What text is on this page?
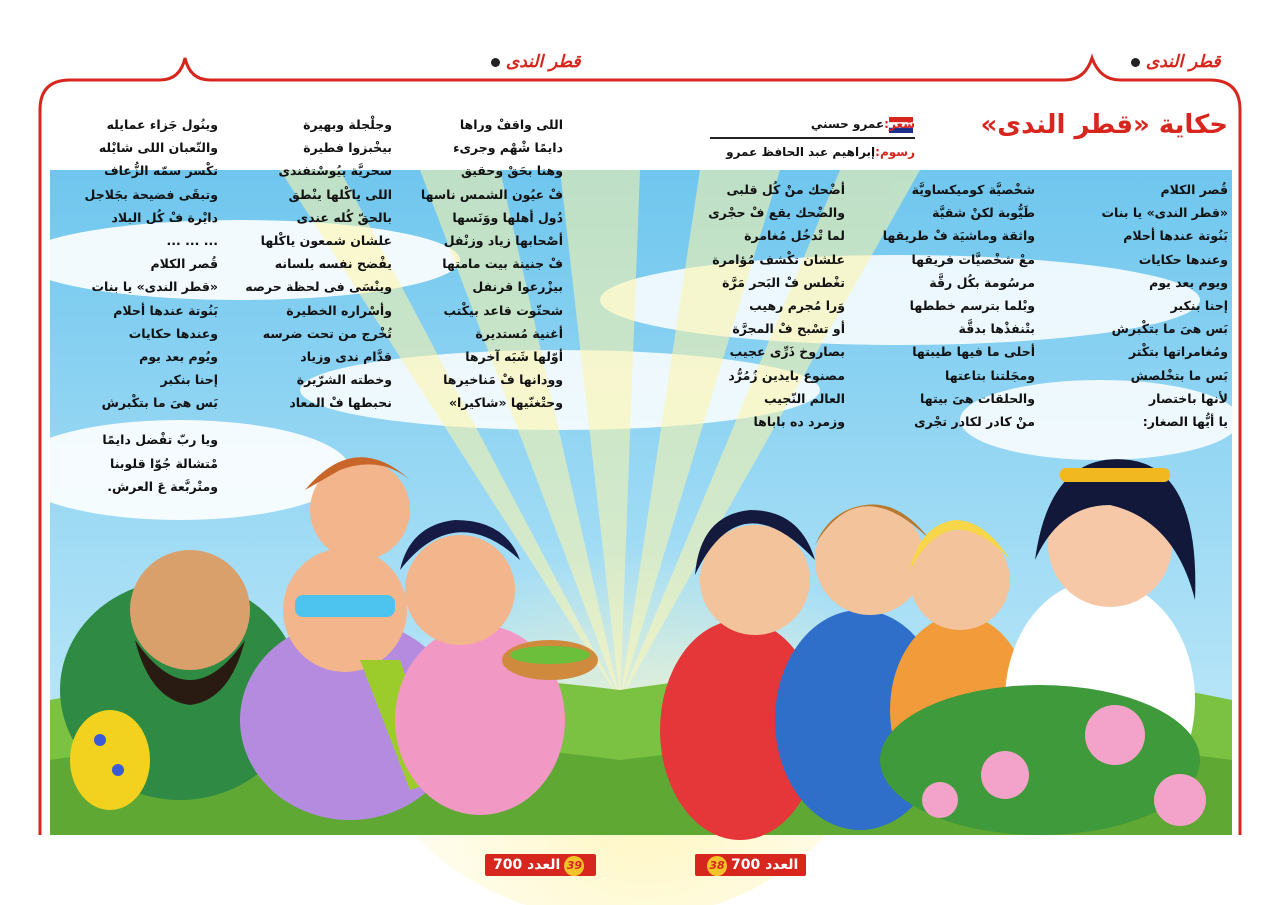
قطر الندى
قطر الندى
حكاية «قطر الندى»
شعر:عمرو حسني
رسوم:إبراهيم عبد الحافظ عمرو
قُصر الكلام
«قطر الندى» يا بنات
بَنُوتة عندها أحلام
وعندها حكايات
ويوم بعد يوم
إحنا بنكبر
بَس هىَ ما بتكْبرش
ومُغامراتها بتكْتر
بَس ما بتخْلصش
لأنها باختصار
يا أيُّها الصغار:
شخْصيَّة كوميكساويَّة
طَيُّوبة لكنْ شقيَّة
واثقة وماشيَة فْ طريقها
معْ شخْصيَّات فريقها
مرسُومة بكُل رقَّة
وبْلما بترسم خططها
بتْنفذْها بدقَّة
أحلى ما فيها طيبتها
ومجَلتنا بتاعتها
والحلقات هىَ بيتها
منْ كادر لكادر تجْرى
أضْحك منْ كُل قلبى
والضْحك يقع فْ حجْرى
لما تْدخُل مُغامرة
علشان تكْشف مُؤامرة
تغْطس فْ البَحر مَرَّة
وَرا مُجرم رهيب
أو تسْبح فْ المجرَّة
بصاروخ ذَرِّى عجيب
مصنوع بايدين زُمُرُّد
العالم النّجيب
وزمرد ده باباها
اللى واقفْ وراها
دايمًا شْهْم وجرىء
وهنا بحَقْ وحقيق
فْ عيُون الشمس ناسها
دُول أهلها ووَنَسها
أصْحابها زياد وزنْفل
فْ جنينة بيت مامتها
بيزْرعوا قرنفل
شحتّوت قاعد بيكْتب
أغنية مُستديرة
أوّلها شَبَه آخرها
وودانها فْ مَناخيرها
وحتْغنّيها «شاكيرا»
وجلْجلة وبهيرة
بيخْبزوا فطيرة
سحريَّة بيُوسْتفندى
اللى ياكْلها ينْطق
بالحقّ كُله عندى
علشان شمعون ياكْلها
يفْضح نفسه بلسانه
وينْسَى فى لحظة حرصه
وأسْراره الخطيرة
تُخْرج من تحت ضرسه
قدَّام ندى وزياد
وخطته الشرّيرة
نحبطها فْ المعاد
وينُول جَزاء عمايله
والتّعبان اللى شايْله
تكْسر سمّه الزُّعاف
وتبقَى فضيحة بجَلاجل
دايْرة فْ كُل البلاد
... ... ...
قُصر الكلام
«قطر الندى» يا بنات
بَنُوتة عندها أحلام
وعندها حكايات
ويُوم بعد يوم
إحنا بنكبر
بَس هىَ ما بتكْبرش
ويا ربّ تفْضل دايمًا
مْتشالة جُوّا قلوبنا
ومتْربَّعة عَ العرش.
العدد 70038
39العدد 700
